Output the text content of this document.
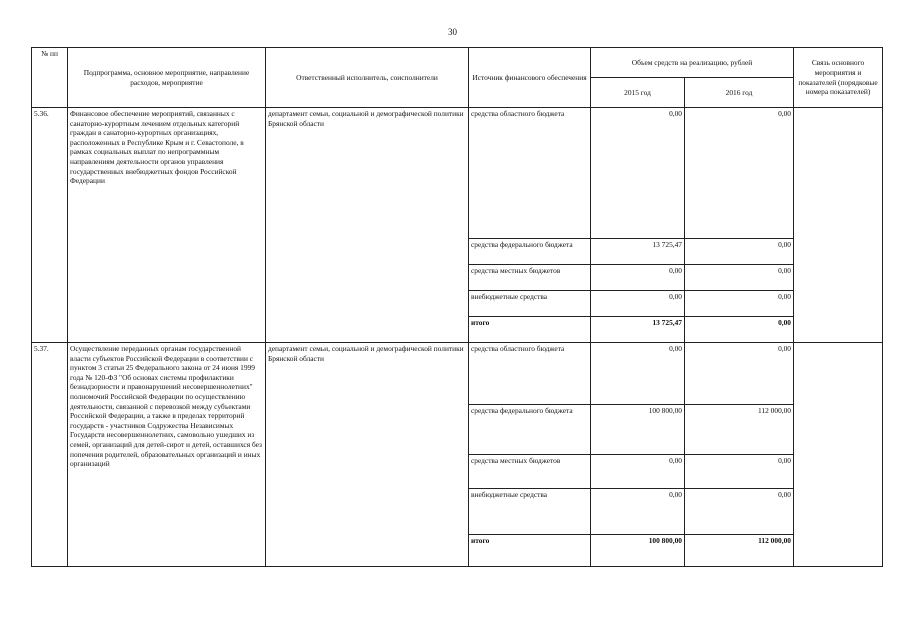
30
№ пп	Подпрограмма, основное мероприятие, направление расходов, мероприятие	Ответственный исполнитель, соисполнители	Источник финансового обеспечения	Объем средств на реализацию, рублей		Связь основного мероприятия и показателей (порядковые номера показателей)
				2015 год	2016 год	
5.36.	Финансовое обеспечение мероприятий, связанных с санаторно-курортным лечением отдельных категорий граждан в санаторно-курортных организациях, расположенных в Республике Крым и г. Севастополе, в рамках социальных выплат по непрограммным направлениям деятельности органов управления государственных внебюджетных фондов Российской Федерации	департамент семьи, социальной и демографической политики Брянской области	средства областного бюджета	0,00	0,00	
			средства федерального бюджета	13 725,47	0,00	
			средства местных бюджетов	0,00	0,00	
			внебюджетные средства	0,00	0,00	
			итого	13 725,47	0,00	
5.37.	Осуществление переданных органам государственной власти субъектов Российской Федерации в соответствии с пунктом 3 статьи 25 Федерального закона от 24 июня 1999 года № 120-ФЗ "Об основах системы профилактики безнадзорности и правонарушений несовершеннолетних" полномочий Российской Федерации по осуществлению деятельности, связанной с перевозкой между субъектами Российской Федерации, а также в пределах территорий государств - участников Содружества Независимых Государств несовершеннолетних, самовольно ушедших из семей, организаций для детей-сирот и детей, оставшихся без попечения родителей, образовательных организаций и иных организаций	департамент семьи, социальной и демографической политики Брянской области	средства областного бюджета	0,00	0,00	
			средства федерального бюджета	100 800,00	112 000,00	
			средства местных бюджетов	0,00	0,00	
			внебюджетные средства	0,00	0,00	
			итого	100 800,00	112 000,00	
